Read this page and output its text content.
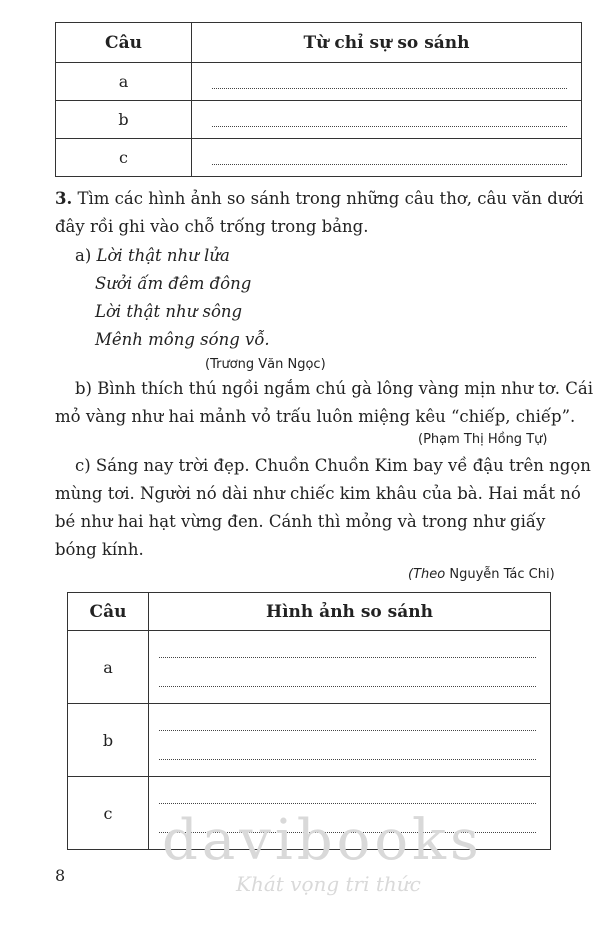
Câu	Từ chỉ sự so sánh
a	

b	

c	
3. Tìm các hình ảnh so sánh trong những câu thơ, câu văn dưới
đây rồi ghi vào chỗ trống trong bảng.
a) Lời thật như lửa
Sưởi ấm đêm đông
Lời thật như sông
Mênh mông sóng vỗ.
(Trương Văn Ngọc)
b) Bình thích thú ngồi ngắm chú gà lông vàng mịn như tơ. Cái
mỏ vàng như hai mảnh vỏ trấu luôn miệng kêu “chiếp, chiếp”.
(Phạm Thị Hồng Tự)
c) Sáng nay trời đẹp. Chuồn Chuồn Kim bay về đậu trên ngọn
mùng tơi. Người nó dài như chiếc kim khâu của bà. Hai mắt nó
bé như hai hạt vừng đen. Cánh thì mỏng và trong như giấy
bóng kính.
(Theo Nguyễn Tác Chi)
Câu	Hình ảnh so sánh
a	

b	

c	davibooks
Khát vọng tri thức
8
